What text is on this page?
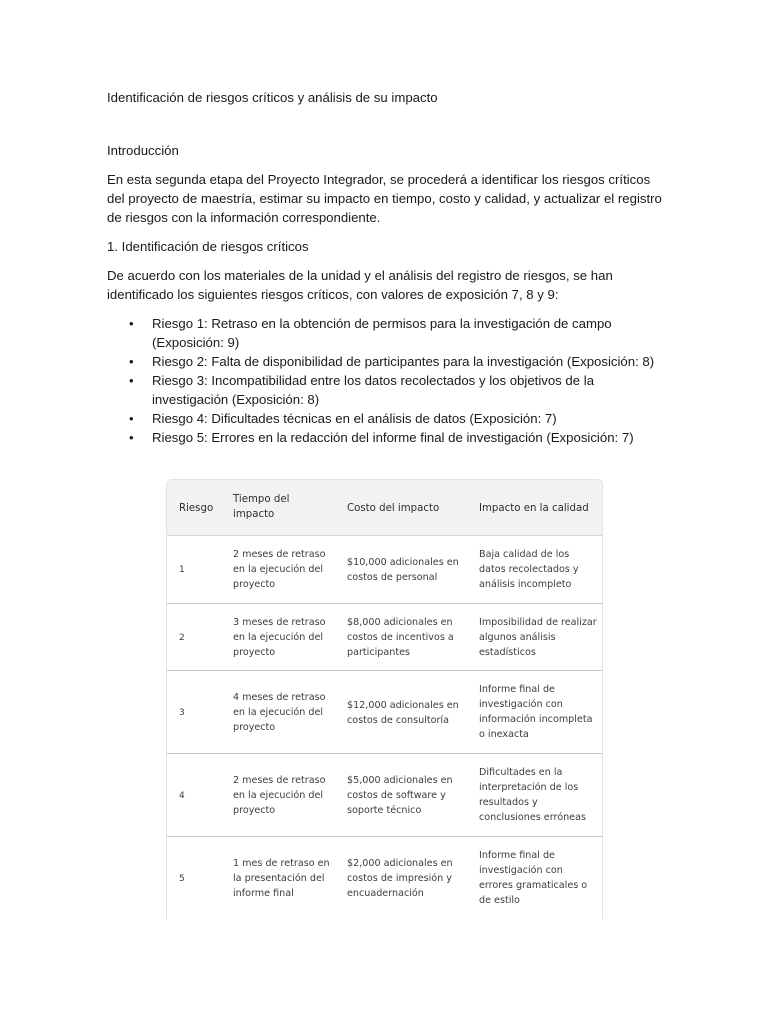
Identificación de riesgos críticos y análisis de su impacto

Introducción

En esta segunda etapa del Proyecto Integrador, se procederá a identificar los riesgos críticos del proyecto de maestría, estimar su impacto en tiempo, costo y calidad, y actualizar el registro de riesgos con la información correspondiente.

1. Identificación de riesgos críticos

De acuerdo con los materiales de la unidad y el análisis del registro de riesgos, se han identificado los siguientes riesgos críticos, con valores de exposición 7, 8 y 9:

• Riesgo 1: Retraso en la obtención de permisos para la investigación de campo (Exposición: 9)
• Riesgo 2: Falta de disponibilidad de participantes para la investigación (Exposición: 8)
• Riesgo 3: Incompatibilidad entre los datos recolectados y los objetivos de la investigación (Exposición: 8)
• Riesgo 4: Dificultades técnicas en el análisis de datos (Exposición: 7)
• Riesgo 5: Errores en la redacción del informe final de investigación (Exposición: 7)
Riesgo
Tiempo del impacto
Costo del impacto	Impacto en la calidad
1
2 meses de retraso en la ejecución del proyecto
$10,000 adicionales en costos de personal
Baja calidad de los datos recolectados y análisis incompleto
2
3 meses de retraso en la ejecución del proyecto
$8,000 adicionales en costos de incentivos a participantes
Imposibilidad de realizar algunos análisis estadísticos
3
4 meses de retraso en la ejecución del proyecto
$12,000 adicionales en costos de consultoría
Informe final de investigación con información incompleta o inexacta
4
2 meses de retraso en la ejecución del proyecto
$5,000 adicionales en costos de software y soporte técnico
Dificultades en la interpretación de los resultados y conclusiones erróneas
5
1 mes de retraso en la presentación del informe final
$2,000 adicionales en costos de impresión y encuadernación
Informe final de investigación con errores gramaticales o de estilo
